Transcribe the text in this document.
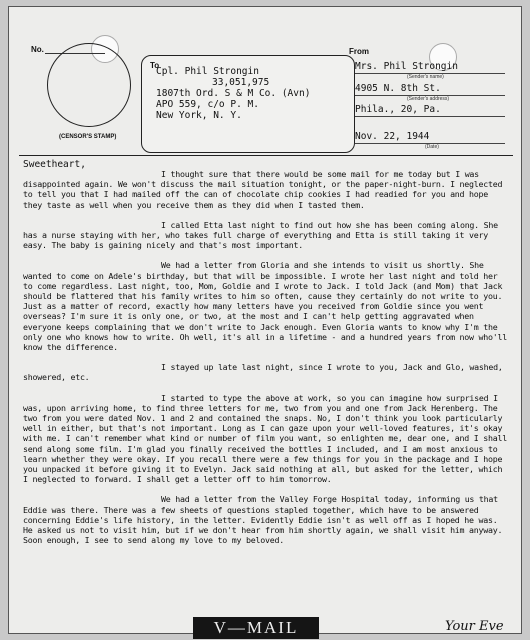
No.
(CENSOR'S STAMP)
To
Cpl. Phil Strongin
33,051,975
1807th Ord. S & M Co. (Avn)
APO 559, c/o P. M.
New York, N. Y.
From
Mrs. Phil Strongin
(Sender's name)
4905 N. 8th St.
(Sender's address)
Phila., 20, Pa.
Nov. 22, 1944
(Date)
Sweetheart,

I thought sure that there would be some mail for me today but I was disappointed again. We won't discuss the mail situation tonight, or the paper-night-burn. I neglected to tell you that I had mailed off the can of chocolate chip cookies I had readied for you and hope they taste as well when you receive them as they did when I tasted them.

I called Etta last night to find out how she has been coming along. She has a nurse staying with her, who takes full charge of everything and Etta is still taking it very easy. The baby is gaining nicely and that's most important.

We had a letter from Gloria and she intends to visit us shortly. She wanted to come on Adele's birthday, but that will be impossible. I wrote her last night and told her to come regardless. Last night, too, Mom, Goldie and I wrote to Jack. I told Jack (and Mom) that Jack should be flattered that his family writes to him so often, cause they certainly do not write to you. Just as a matter of record, exactly how many letters have you received from Goldie since you went overseas? I'm sure it is only one, or two, at the most and I can't help getting aggravated when everyone keeps complaining that we don't write to Jack enough. Even Gloria wants to know why I'm the only one who knows how to write. Oh well, it's all in a lifetime - and a hundred years from now who'll know the difference.

I stayed up late last night, since I wrote to you, Jack and Glo, washed, showered, etc.

I started to type the above at work, so you can imagine how surprised I was, upon arriving home, to find three letters for me, two from you and one from Jack Herenberg. The two from you were dated Nov. 1 and 2 and contained the snaps. No, I don't think you look particularly well in either, but that's not important. Long as I can gaze upon your well-loved features, it's okay with me. I can't remember what kind or number of film you want, so enlighten me, dear one, and I shall send along some film. I'm glad you finally received the bottles I included, and I am most anxious to learn whether they were okay. If you recall there were a few things for you in the package and I hope you unpacked it before giving it to Evelyn. Jack said nothing at all, but asked for the letter, which I neglected to forward. I shall get a letter off to him tomorrow.

We had a letter from the Valley Forge Hospital today, informing us that Eddie was there. There was a few sheets of questions stapled together, which have to be answered concerning Eddie's life history, in the letter. Evidently Eddie isn't as well off as I hoped he was. He asked us not to visit him, but if we don't hear from him shortly again, we shall visit him anyway. Soon enough, I see to send along my love to my beloved.

V—MAIL	Your Eve
